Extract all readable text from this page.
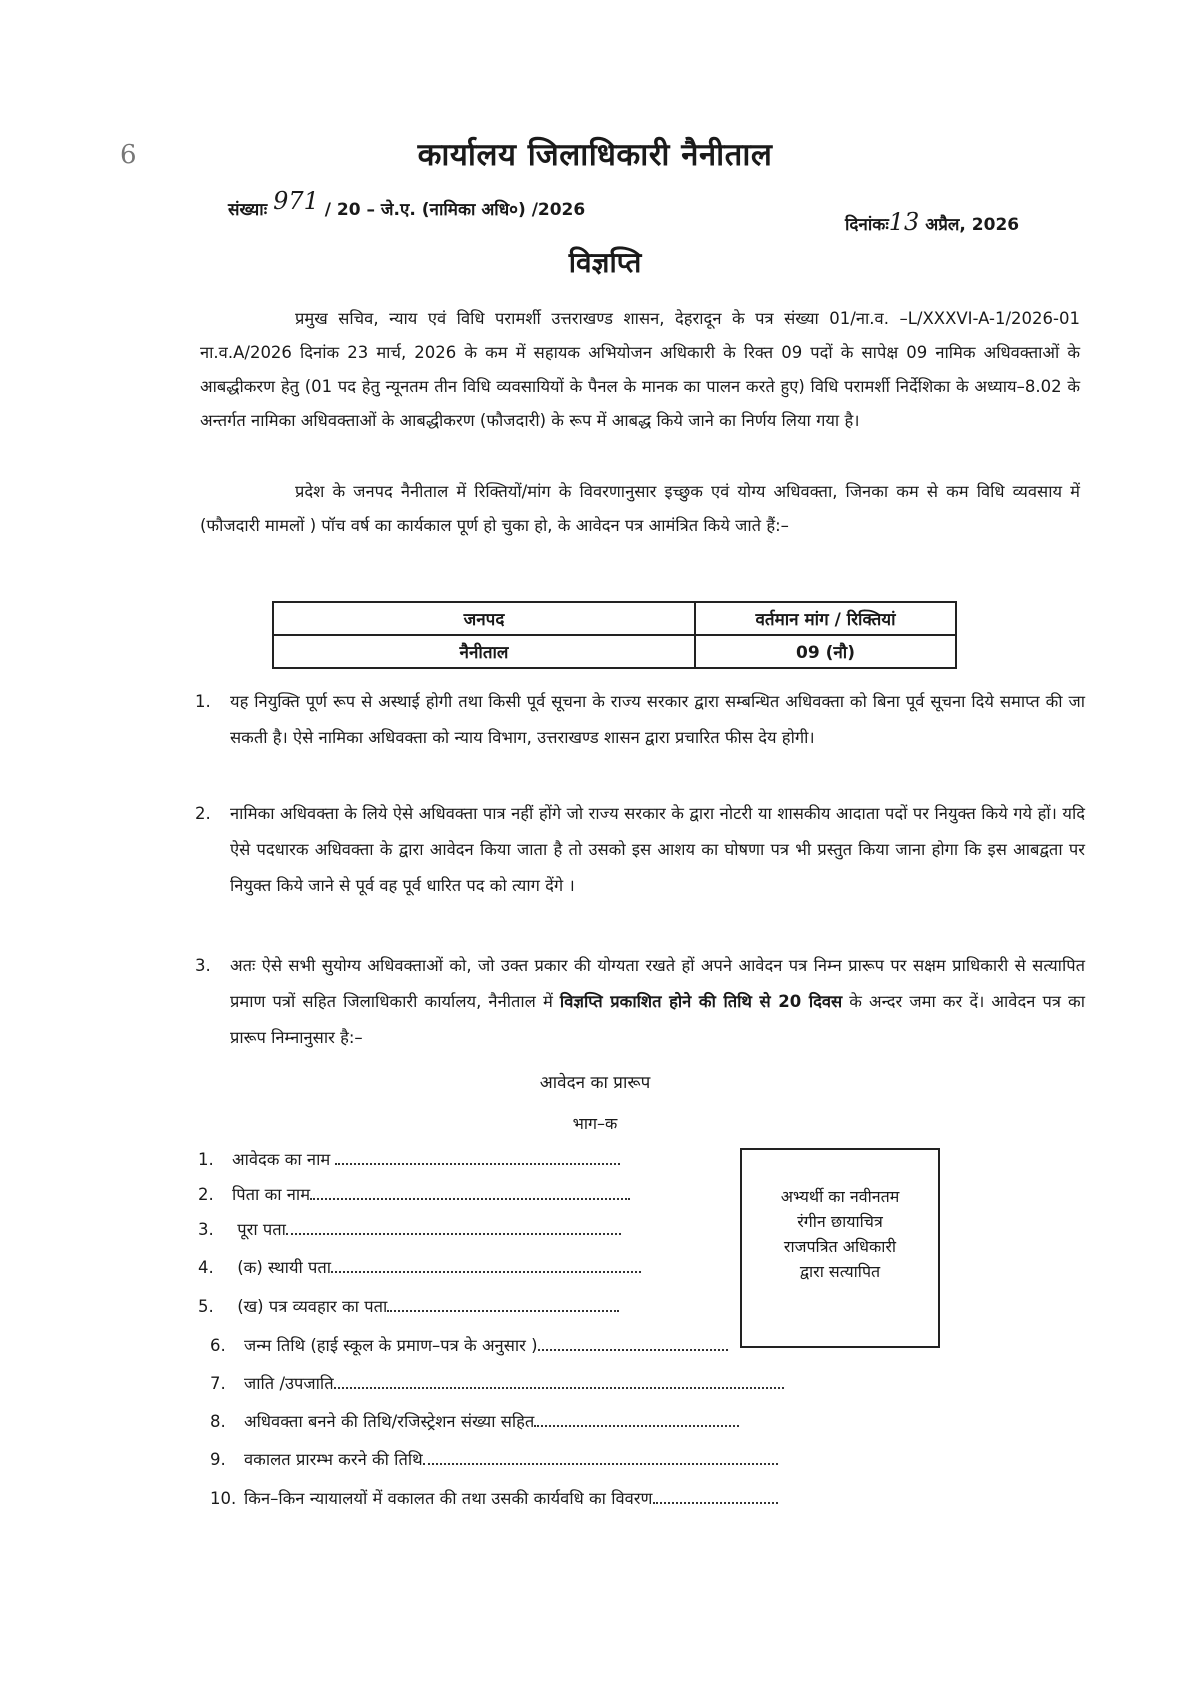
6	कार्यालय जिलाधिकारी नैनीताल
संख्याः 971 / 20 – जे.ए. (नामिका अधि०) /2026
दिनांकः13 अप्रैल, 2026
विज्ञप्ति

प्रमुख सचिव, न्याय एवं विधि परामर्शी उत्तराखण्ड शासन, देहरादून के पत्र संख्या 01/ना.व. –L/XXXVI-A-1/2026-01 ना.व.A/2026 दिनांक 23 मार्च, 2026 के कम में सहायक अभियोजन अधिकारी के रिक्त 09 पदों के सापेक्ष 09 नामिक अधिवक्ताओं के आबद्धीकरण हेतु (01 पद हेतु न्यूनतम तीन विधि व्यवसायियों के पैनल के मानक का पालन करते हुए) विधि परामर्शी निर्देशिका के अध्याय–8.02 के अन्तर्गत नामिका अधिवक्ताओं के आबद्धीकरण (फौजदारी) के रूप में आबद्ध किये जाने का निर्णय लिया गया है।

प्रदेश के जनपद नैनीताल में रिक्तियों/मांग के विवरणानुसार इच्छुक एवं योग्य अधिवक्ता, जिनका कम से कम विधि व्यवसाय में (फौजदारी मामलों ) पॉच वर्ष का कार्यकाल पूर्ण हो चुका हो, के आवेदन पत्र आमंत्रित किये जाते हैं:–

जनपद	वर्तमान मांग / रिक्तियां
नैनीताल	09 (नौ)
1.	यह नियुक्ति पूर्ण रूप से अस्थाई होगी तथा किसी पूर्व सूचना के राज्य सरकार द्वारा सम्बन्धित अधिवक्ता को बिना पूर्व सूचना दिये समाप्त की जा सकती है। ऐसे नामिका अधिवक्ता को न्याय विभाग, उत्तराखण्ड शासन द्वारा प्रचारित फीस देय होगी।
2.	नामिका अधिवक्ता के लिये ऐसे अधिवक्ता पात्र नहीं होंगे जो राज्य सरकार के द्वारा नोटरी या शासकीय आदाता पदों पर नियुक्त किये गये हों। यदि ऐसे पदधारक अधिवक्ता के द्वारा आवेदन किया जाता है तो उसको इस आशय का घोषणा पत्र भी प्रस्तुत किया जाना होगा कि इस आबद्वता पर नियुक्त किये जाने से पूर्व वह पूर्व धारित पद को त्याग देंगे ।
3.	अतः ऐसे सभी सुयोग्य अधिवक्ताओं को, जो उक्त प्रकार की योग्यता रखते हों अपने आवेदन पत्र निम्न प्रारूप पर सक्षम प्राधिकारी से सत्यापित प्रमाण पत्रों सहित जिलाधिकारी कार्यालय, नैनीताल में विज्ञप्ति प्रकाशित होने की तिथि से 20 दिवस के अन्दर जमा कर दें। आवेदन पत्र का प्रारूप निम्नानुसार है:–
आवेदन का प्रारूप
भाग–क
1. आवेदक का नाम
2. पिता का नाम
3. पूरा पता
4. (क) स्थायी पता
5. (ख) पत्र व्यवहार का पता
6. जन्म तिथि (हाई स्कूल के प्रमाण–पत्र के अनुसार )
7. जाति /उपजाति
8. अधिवक्ता बनने की तिथि/रजिस्ट्रेशन संख्या सहित
9. वकालत प्रारम्भ करने की तिथि
10. किन–किन न्यायालयों में वकालत की तथा उसकी कार्यवधि का विवरण
अभ्यर्थी का नवीनतम
रंगीन छायाचित्र
राजपत्रित अधिकारी
द्वारा सत्यापित
